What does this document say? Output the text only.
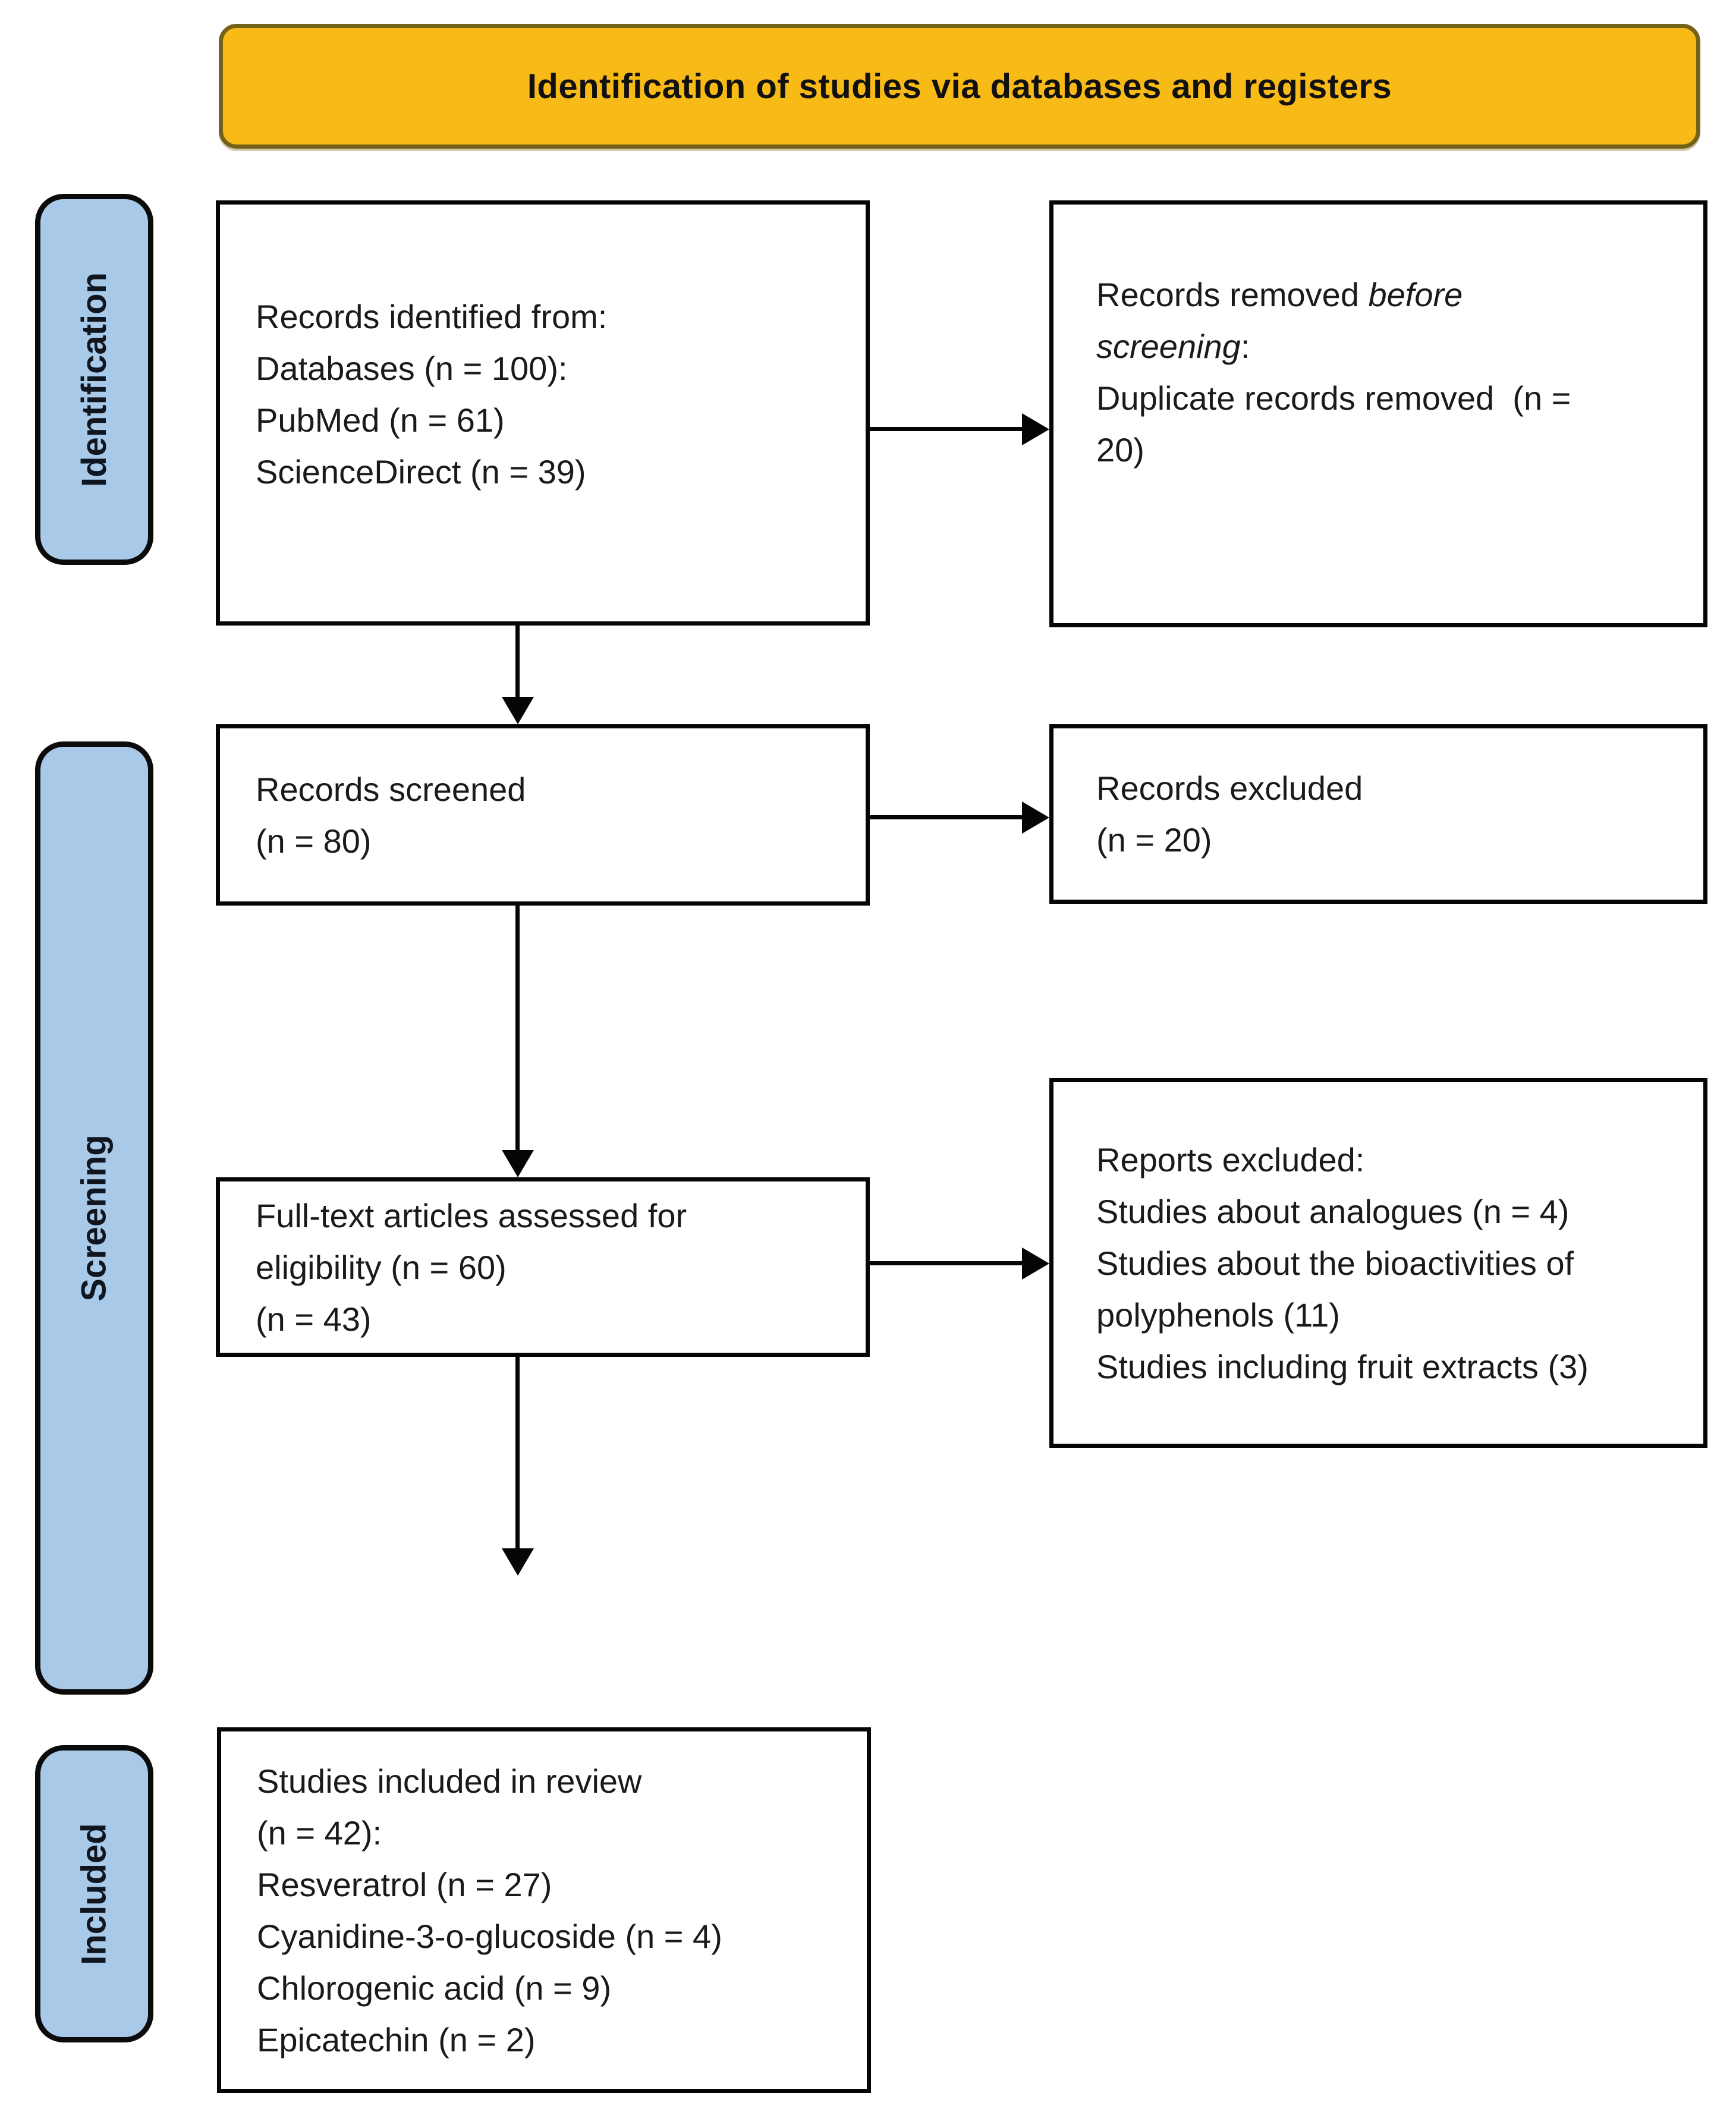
Identification of studies via databases and registers
Identification
Screening
Included
Records identified from:
Databases (n = 100):
PubMed (n = 61)
ScienceDirect (n = 39)
Records screened
(n = 80)
Full-text articles assessed for
eligibility (n = 60)
(n = 43)
Studies included in review
(n = 42):
Resveratrol (n = 27)
Cyanidine-3-o-glucoside (n = 4)
Chlorogenic acid (n = 9)
Epicatechin (n = 2)
Records removed before
screening:
Duplicate records removed  (n =
20)
Records excluded
(n = 20)
Reports excluded:
Studies about analogues (n = 4)
Studies about the bioactivities of
polyphenols (11)
Studies including fruit extracts (3)
